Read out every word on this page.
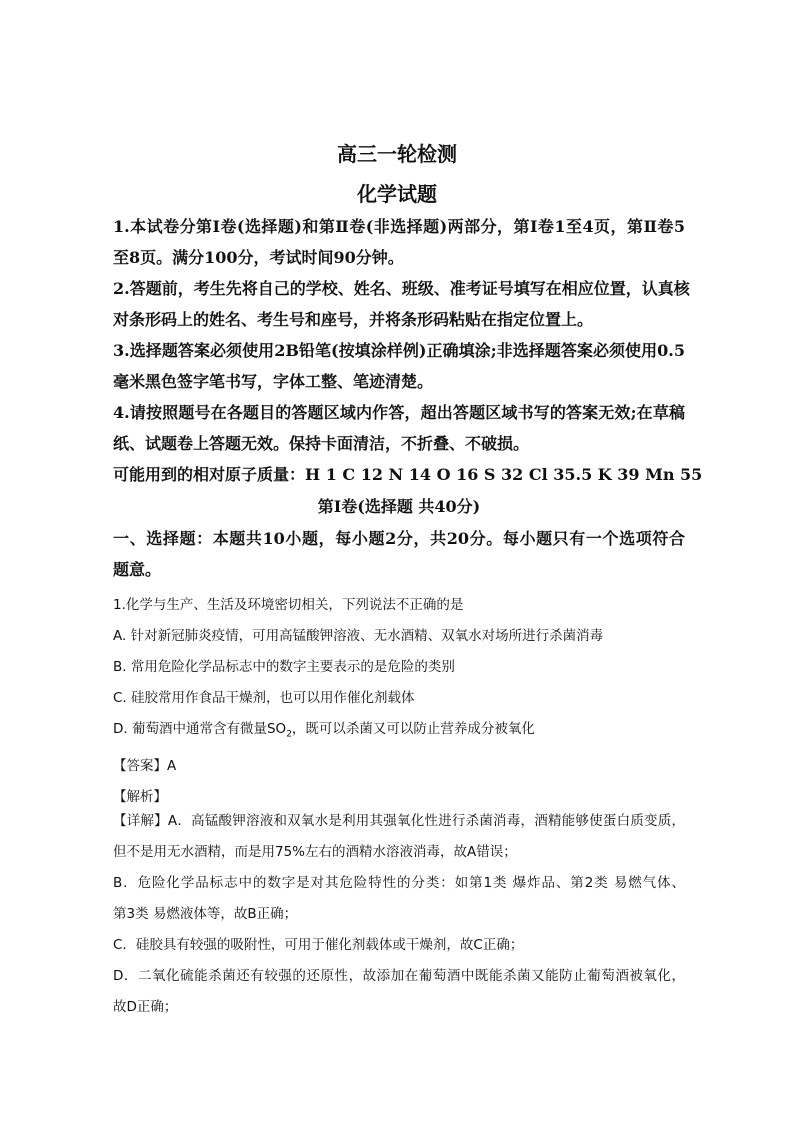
高三一轮检测
化学试题
1.本试卷分第Ⅰ卷(选择题)和第Ⅱ卷(非选择题)两部分，第Ⅰ卷1至4页，第Ⅱ卷5
至8页。满分100分，考试时间90分钟。
2.答题前，考生先将自己的学校、姓名、班级、准考证号填写在相应位置，认真核
对条形码上的姓名、考生号和座号，并将条形码粘贴在指定位置上。
3.选择题答案必须使用2B铅笔(按填涂样例)正确填涂;非选择题答案必须使用0.5
毫米黑色签字笔书写，字体工整、笔迹清楚。
4.请按照题号在各题目的答题区域内作答，超出答题区域书写的答案无效;在草稿
纸、试题卷上答题无效。保持卡面清洁，不折叠、不破损。
可能用到的相对原子质量：H 1 C 12 N 14 O 16 S 32 Cl 35.5 K 39 Mn 55
第Ⅰ卷(选择题 共40分)
一、选择题：本题共10小题，每小题2分，共20分。每小题只有一个选项符合
题意。
1.化学与生产、生活及环境密切相关，下列说法不正确的是
A. 针对新冠肺炎疫情，可用高锰酸钾溶液、无水酒精、双氧水对场所进行杀菌消毒
B. 常用危险化学品标志中的数字主要表示的是危险的类别
C. 硅胶常用作食品干燥剂，也可以用作催化剂载体
D. 葡萄酒中通常含有微量$SO_2$，既可以杀菌又可以防止营养成分被氧化
【答案】A
【解析】
【详解】A．高锰酸钾溶液和双氧水是利用其强氧化性进行杀菌消毒，酒精能够使蛋白质变质，
但不是用无水酒精，而是用75%左右的酒精水溶液消毒，故A错误；
B．危险化学品标志中的数字是对其危险特性的分类：如第1类 爆炸品、第2类 易燃气体、
第3类 易燃液体等，故B正确；
C．硅胶具有较强的吸附性，可用于催化剂载体或干燥剂，故C正确；
D．二氧化硫能杀菌还有较强的还原性，故添加在葡萄酒中既能杀菌又能防止葡萄酒被氧化，
故D正确；
